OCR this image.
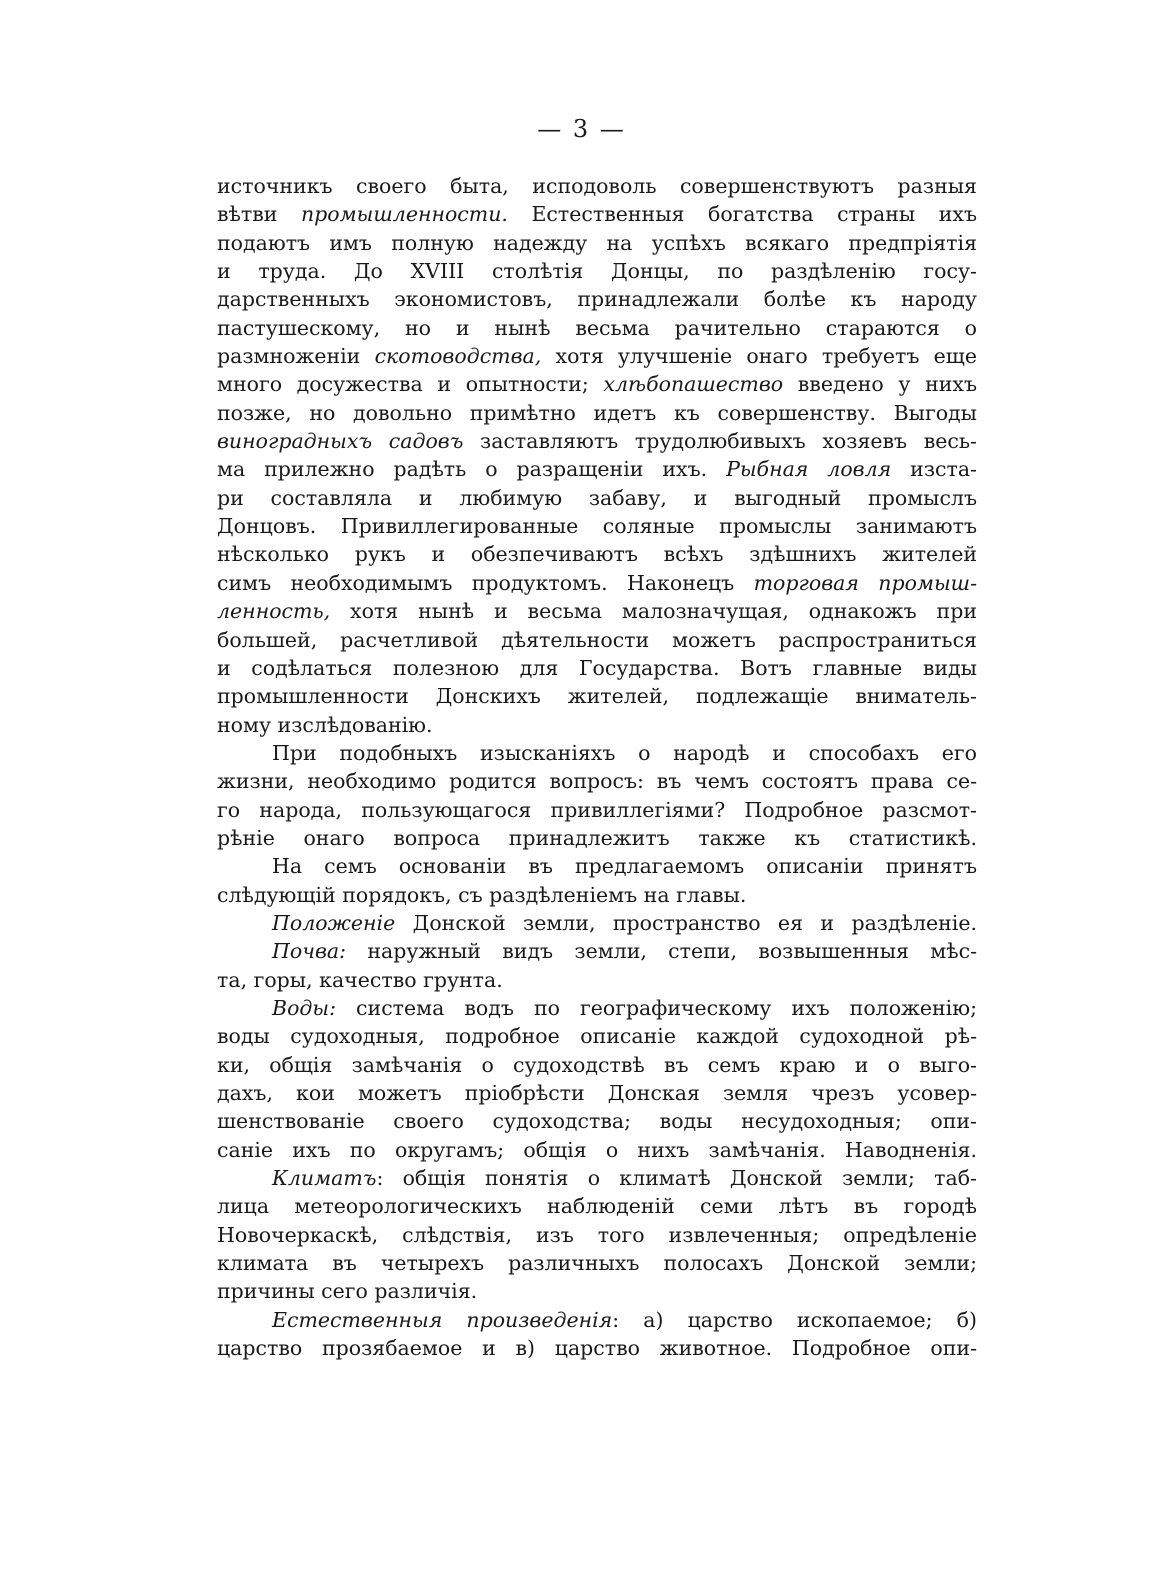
— 3 —
источникъ своего быта, исподоволь совершенствуютъ разныя
вѣтви промышленности. Естественныя богатства страны ихъ
подаютъ имъ полную надежду на успѣхъ всякаго предпріятія
и труда. До XVIII столѣтія Донцы, по раздѣленію госу-
дарственныхъ экономистовъ, принадлежали болѣе къ народу
пастушескому, но и нынѣ весьма рачительно стараются о
размноженіи скотоводства, хотя улучшеніе онаго требуетъ еще
много досужества и опытности; хлѣбопашество введено у нихъ
позже, но довольно примѣтно идетъ къ совершенству. Выгоды
виноградныхъ садовъ заставляютъ трудолюбивыхъ хозяевъ весь-
ма прилежно радѣть о разращеніи ихъ. Рыбная ловля изста-
ри составляла и любимую забаву, и выгодный промыслъ
Донцовъ. Привиллегированные соляные промыслы занимаютъ
нѣсколько рукъ и обезпечиваютъ всѣхъ здѣшнихъ жителей
симъ необходимымъ продуктомъ. Наконецъ торговая промыш-
ленность, хотя нынѣ и весьма малозначущая, однакожъ при
большей, расчетливой дѣятельности можетъ распространиться
и содѣлаться полезною для Государства. Вотъ главные виды
промышленности Донскихъ жителей, подлежащіе вниматель-
ному изслѣдованію.
При подобныхъ изысканіяхъ о народѣ и способахъ его
жизни, необходимо родится вопросъ: въ чемъ состоятъ права се-
го народа, пользующагося привиллегіями? Подробное разсмот-
рѣніе онаго вопроса принадлежитъ также къ статистикѣ.
На семъ основаніи въ предлагаемомъ описаніи принятъ
слѣдующій порядокъ, съ раздѣленіемъ на главы.
Положеніе Донской земли, пространство ея и раздѣленіе.
Почва: наружный видъ земли, степи, возвышенныя мѣс-
та, горы, качество грунта.
Воды: система водъ по географическому ихъ положенію;
воды судоходныя, подробное описаніе каждой судоходной рѣ-
ки, общія замѣчанія о судоходствѣ въ семъ краю и о выго-
дахъ, кои можетъ пріобрѣсти Донская земля чрезъ усовер-
шенствованіе своего судоходства; воды несудоходныя; опи-
саніе ихъ по округамъ; общія о нихъ замѣчанія. Наводненія.
Климатъ: общія понятія о климатѣ Донской земли; таб-
лица метеорологическихъ наблюденій семи лѣтъ въ городѣ
Новочеркаскѣ, слѣдствія, изъ того извлеченныя; опредѣленіе
климата въ четырехъ различныхъ полосахъ Донской земли;
причины сего различія.
Естественныя произведенія: а) царство ископаемое; б)
царство прозябаемое и в) царство животное. Подробное опи-
